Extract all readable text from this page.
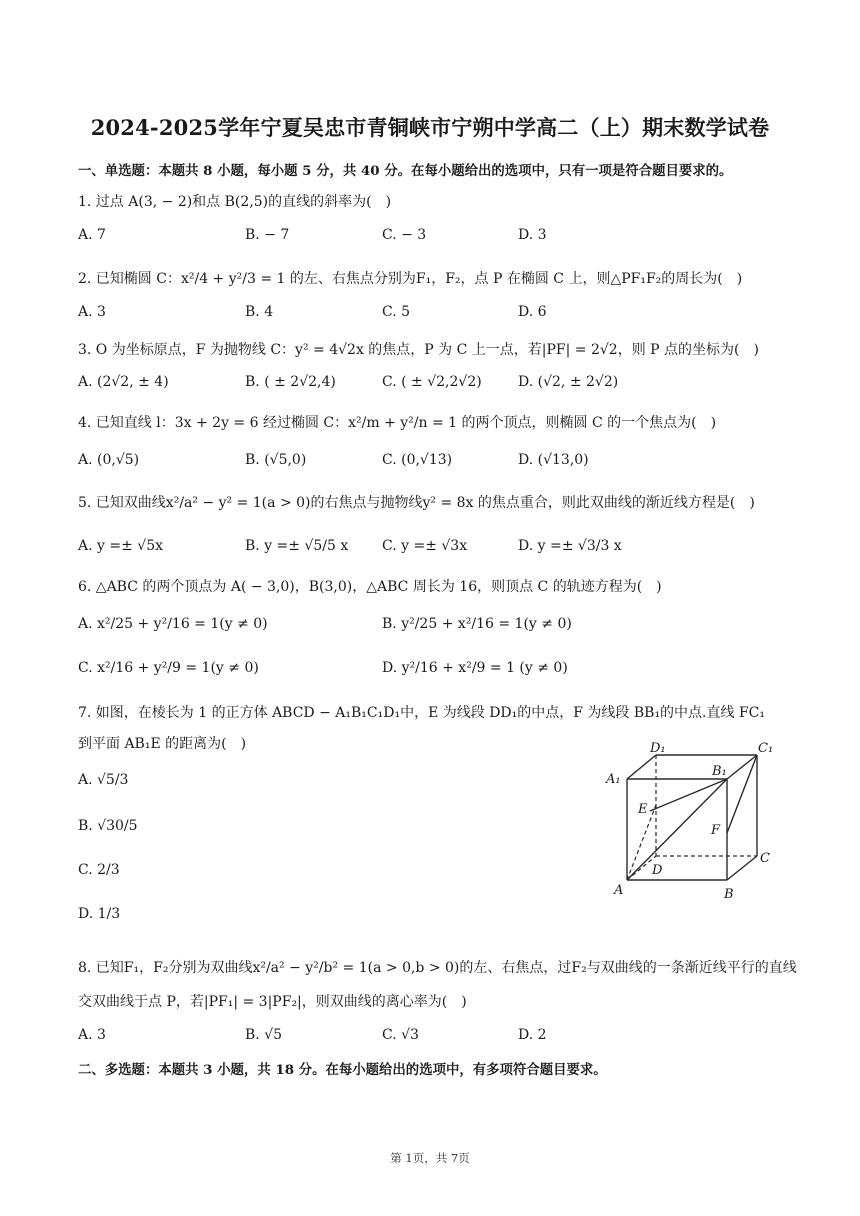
2024-2025学年宁夏吴忠市青铜峡市宁朔中学高二（上）期末数学试卷
一、单选题：本题共 8 小题，每小题 5 分，共 40 分。在每小题给出的选项中，只有一项是符合题目要求的。
1. 过点 A(3, − 2)和点 B(2,5)的直线的斜率为(　)
A. 7	B. − 7	C. − 3	D. 3
2. 已知椭圆 C：x²/4 + y²/3 = 1 的左、右焦点分别为F₁，F₂，点 P 在椭圆 C 上，则△PF₁F₂的周长为(　)
A. 3	B. 4	C. 5	D. 6
3. O 为坐标原点，F 为抛物线 C：y² = 4√2x 的焦点，P 为 C 上一点，若|PF| = 2√2，则 P 点的坐标为(　)
A. (2√2, ± 4)	B. ( ± 2√2,4)	C. ( ± √2,2√2)	D. (√2, ± 2√2)
4. 已知直线 l：3x + 2y = 6 经过椭圆 C：x²/m + y²/n = 1 的两个顶点，则椭圆 C 的一个焦点为(　)
A. (0,√5)	B. (√5,0)	C. (0,√13)	D. (√13,0)
5. 已知双曲线x²/a² − y² = 1(a > 0)的右焦点与抛物线y² = 8x 的焦点重合，则此双曲线的渐近线方程是(　)
A. y =± √5x	B. y =± √5/5 x C. y =± √3x	D. y =± √3/3 x
6. △ABC 的两个顶点为 A( − 3,0)，B(3,0)，△ABC 周长为 16，则顶点 C 的轨迹方程为(　)
A. x²/25 + y²/16 = 1(y ≠ 0)	B. y²/25 + x²/16 = 1(y ≠ 0)
C. x²/16 + y²/9 = 1(y ≠ 0)	D. y²/16 + x²/9 = 1 (y ≠ 0)
7. 如图，在棱长为 1 的正方体 ABCD − A₁B₁C₁D₁中，E 为线段 DD₁的中点，F 为线段 BB₁的中点.直线 FC₁
到平面 AB₁E 的距离为(　)
A. √5/3
B. √30/5
C. 2/3
D. 1/3
D₁	C₁
A₁
B₁
E
F
D
C
A	B
8. 已知F₁，F₂分别为双曲线x²/a² − y²/b² = 1(a > 0,b > 0)的左、右焦点，过F₂与双曲线的一条渐近线平行的直线
交双曲线于点 P，若|PF₁| = 3|PF₂|，则双曲线的离心率为(　)
A. 3	B. √5	C. √3	D. 2
二、多选题：本题共 3 小题，共 18 分。在每小题给出的选项中，有多项符合题目要求。
第 1页，共 7页
